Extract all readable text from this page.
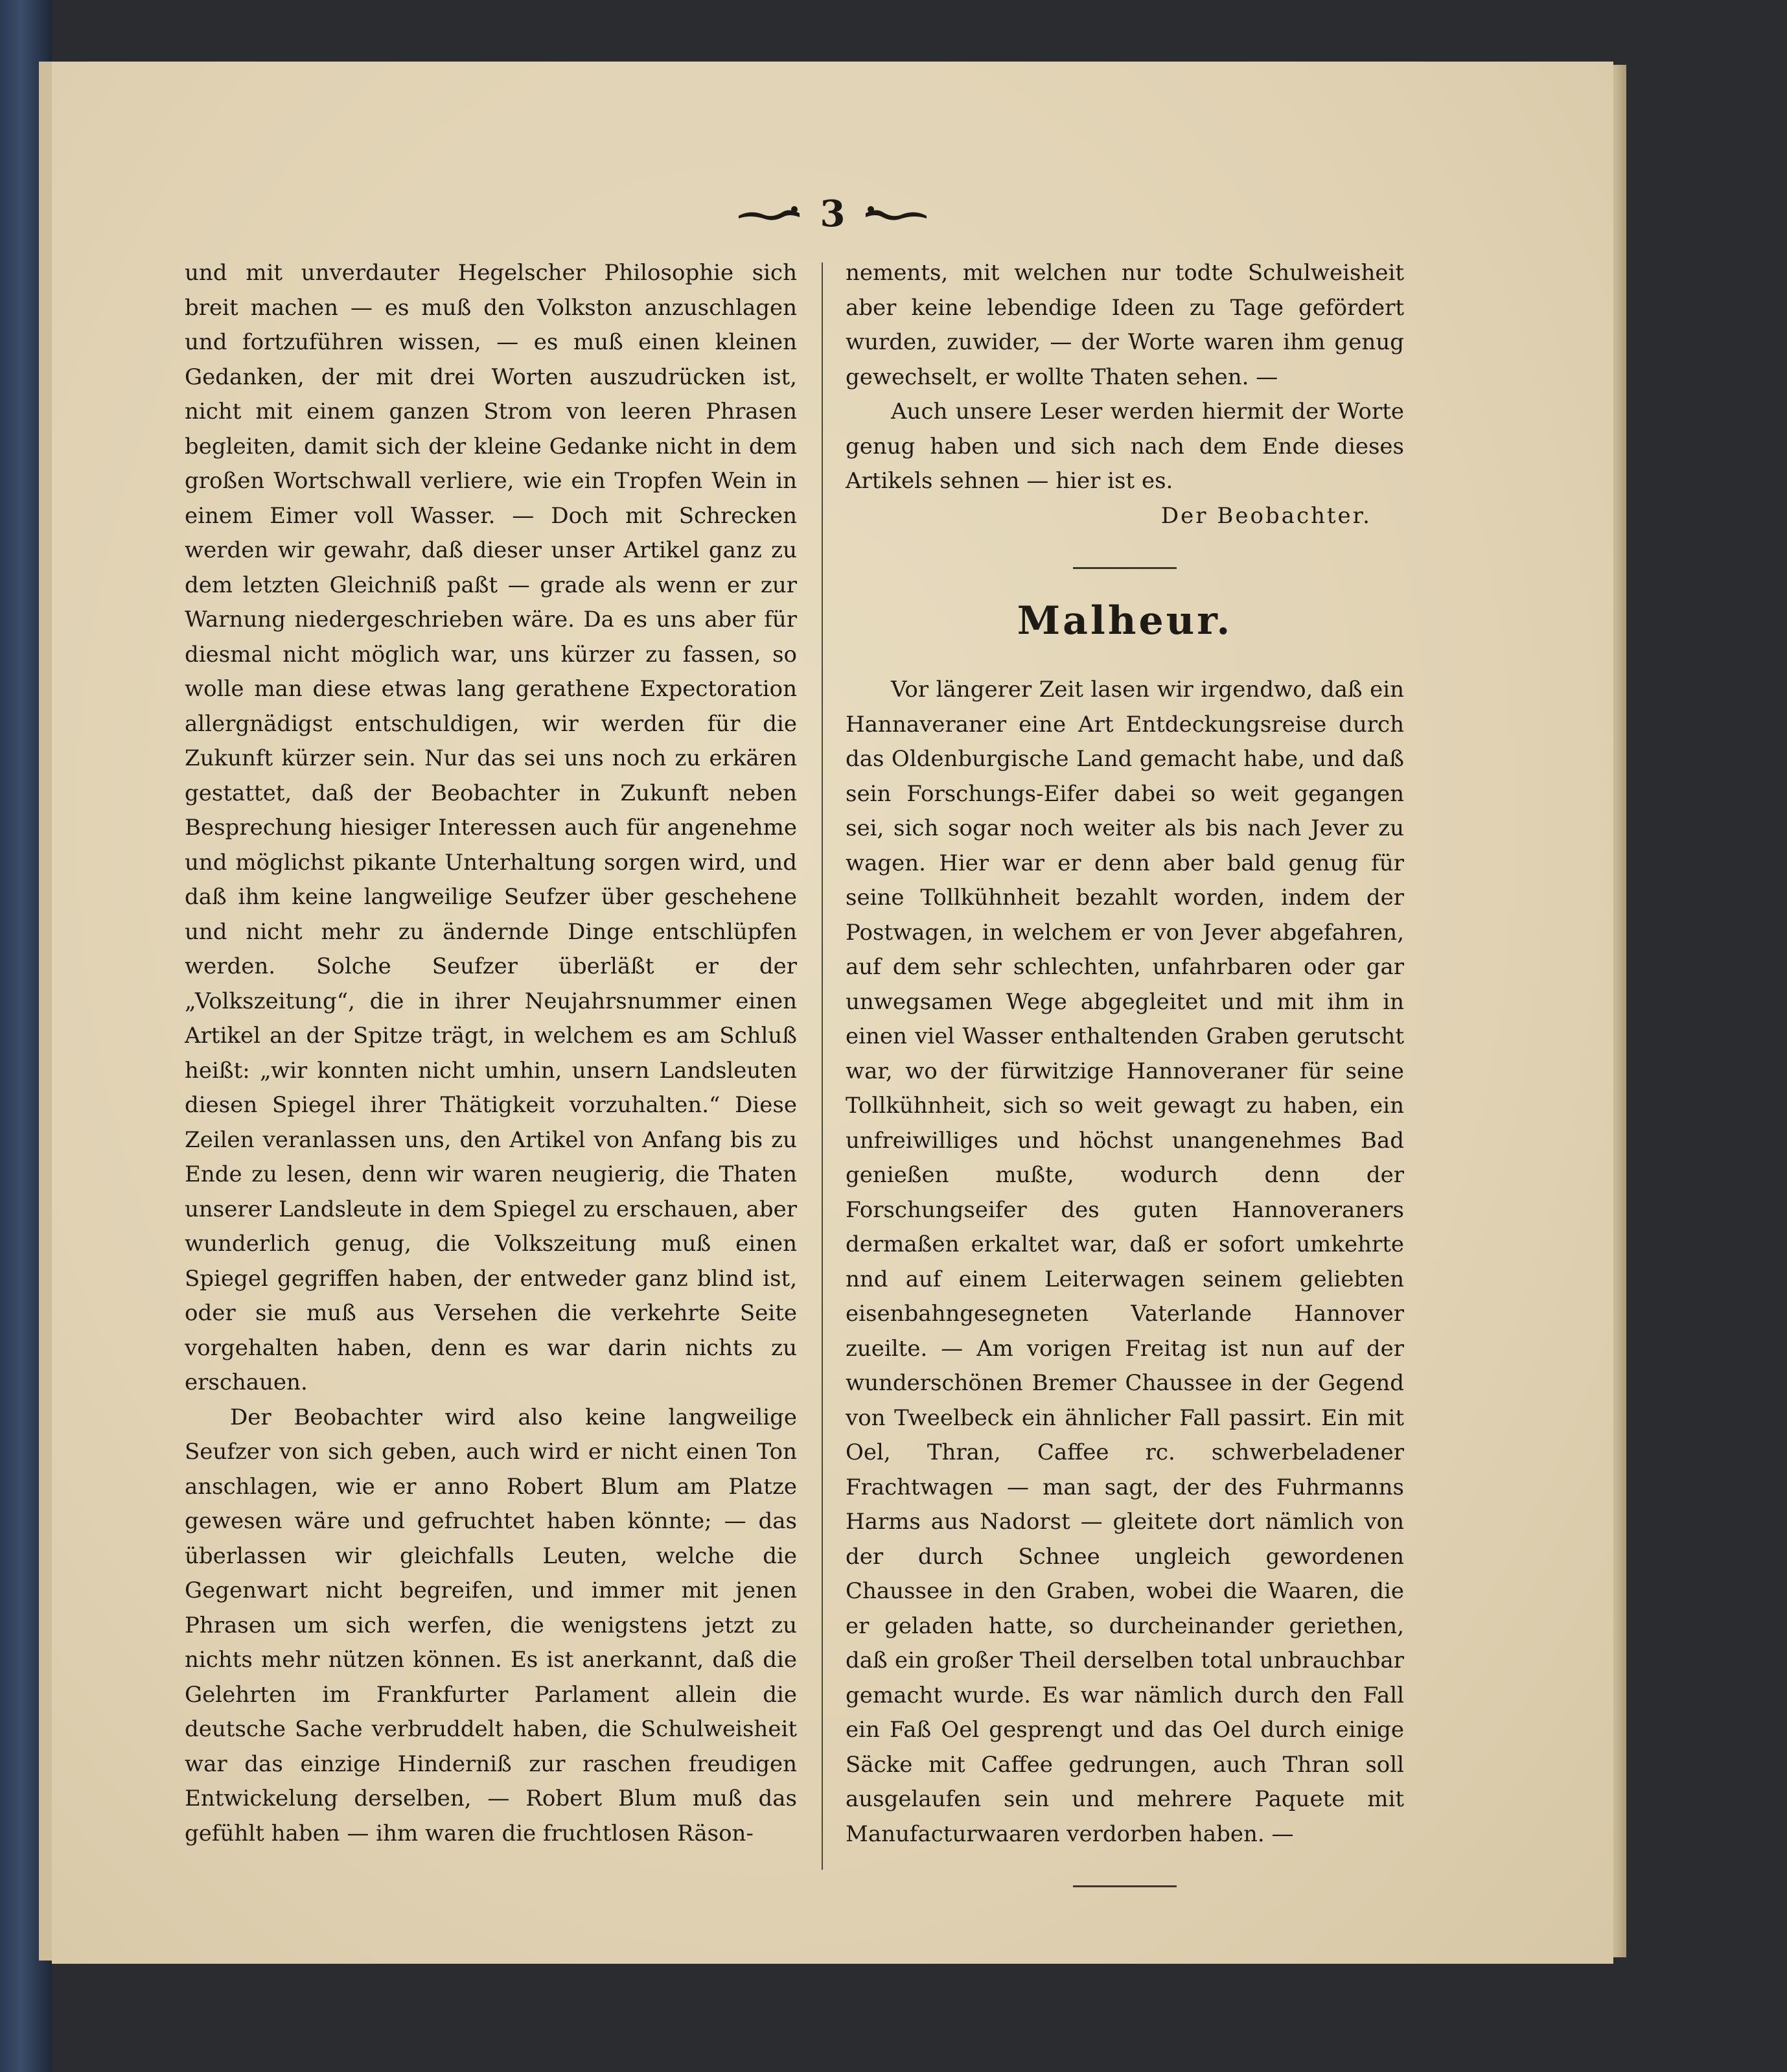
3

und mit unverdauter Hegelscher Philosophie sich breit machen — es muß den Volkston anzuschlagen und fortzuführen wissen, — es muß einen kleinen Gedanken, der mit drei Worten auszudrücken ist, nicht mit einem ganzen Strom von leeren Phrasen begleiten, damit sich der kleine Gedanke nicht in dem großen Wortschwall verliere, wie ein Tropfen Wein in einem Eimer voll Wasser. — Doch mit Schrecken werden wir gewahr, daß dieser unser Artikel ganz zu dem letzten Gleichniß paßt — grade als wenn er zur Warnung niedergeschrieben wäre. Da es uns aber für diesmal nicht möglich war, uns kürzer zu fassen, so wolle man diese etwas lang gerathene Expectoration allergnädigst entschuldigen, wir werden für die Zukunft kürzer sein. Nur das sei uns noch zu erkären gestattet, daß der Beobachter in Zukunft neben Besprechung hiesiger Interessen auch für angenehme und möglichst pikante Unterhaltung sorgen wird, und daß ihm keine langweilige Seufzer über geschehene und nicht mehr zu ändernde Dinge entschlüpfen werden. Solche Seufzer überläßt er der „Volkszeitung“, die in ihrer Neujahrsnummer einen Artikel an der Spitze trägt, in welchem es am Schluß heißt: „wir konnten nicht umhin, unsern Landsleuten diesen Spiegel ihrer Thätigkeit vorzuhalten.“ Diese Zeilen veranlassen uns, den Artikel von Anfang bis zu Ende zu lesen, denn wir waren neugierig, die Thaten unserer Landsleute in dem Spiegel zu erschauen, aber wunderlich genug, die Volkszeitung muß einen Spiegel gegriffen haben, der entweder ganz blind ist, oder sie muß aus Versehen die verkehrte Seite vorgehalten haben, denn es war darin nichts zu erschauen.

Der Beobachter wird also keine langweilige Seufzer von sich geben, auch wird er nicht einen Ton anschlagen, wie er anno Robert Blum am Platze gewesen wäre und gefruchtet haben könnte; — das überlassen wir gleichfalls Leuten, welche die Gegenwart nicht begreifen, und immer mit jenen Phrasen um sich werfen, die wenigstens jetzt zu nichts mehr nützen können. Es ist anerkannt, daß die Gelehrten im Frankfurter Parlament allein die deutsche Sache verbruddelt haben, die Schulweisheit war das einzige Hinderniß zur raschen freudigen Entwickelung derselben, — Robert Blum muß das gefühlt haben — ihm waren die fruchtlosen Räson-

nements, mit welchen nur todte Schulweisheit aber keine lebendige Ideen zu Tage gefördert wurden, zuwider, — der Worte waren ihm genug gewechselt, er wollte Thaten sehen. —

Auch unsere Leser werden hiermit der Worte genug haben und sich nach dem Ende dieses Artikels sehnen — hier ist es.

Der Beobachter.

Malheur.

Vor längerer Zeit lasen wir irgendwo, daß ein Hannaveraner eine Art Entdeckungsreise durch das Oldenburgische Land gemacht habe, und daß sein Forschungs-Eifer dabei so weit gegangen sei, sich sogar noch weiter als bis nach Jever zu wagen. Hier war er denn aber bald genug für seine Tollkühnheit bezahlt worden, indem der Postwagen, in welchem er von Jever abgefahren, auf dem sehr schlechten, unfahrbaren oder gar unwegsamen Wege abgegleitet und mit ihm in einen viel Wasser enthaltenden Graben gerutscht war, wo der fürwitzige Hannoveraner für seine Tollkühnheit, sich so weit gewagt zu haben, ein unfreiwilliges und höchst unangenehmes Bad genießen mußte, wodurch denn der Forschungseifer des guten Hannoveraners dermaßen erkaltet war, daß er sofort umkehrte nnd auf einem Leiterwagen seinem geliebten eisenbahngesegneten Vaterlande Hannover zueilte. — Am vorigen Freitag ist nun auf der wunderschönen Bremer Chaussee in der Gegend von Tweelbeck ein ähnlicher Fall passirt. Ein mit Oel, Thran, Caffee rc. schwerbeladener Frachtwagen — man sagt, der des Fuhrmanns Harms aus Nadorst — gleitete dort nämlich von der durch Schnee ungleich gewordenen Chaussee in den Graben, wobei die Waaren, die er geladen hatte, so durcheinander geriethen, daß ein großer Theil derselben total unbrauchbar gemacht wurde. Es war nämlich durch den Fall ein Faß Oel gesprengt und das Oel durch einige Säcke mit Caffee gedrungen, auch Thran soll ausgelaufen sein und mehrere Paquete mit Manufacturwaaren verdorben haben. —
